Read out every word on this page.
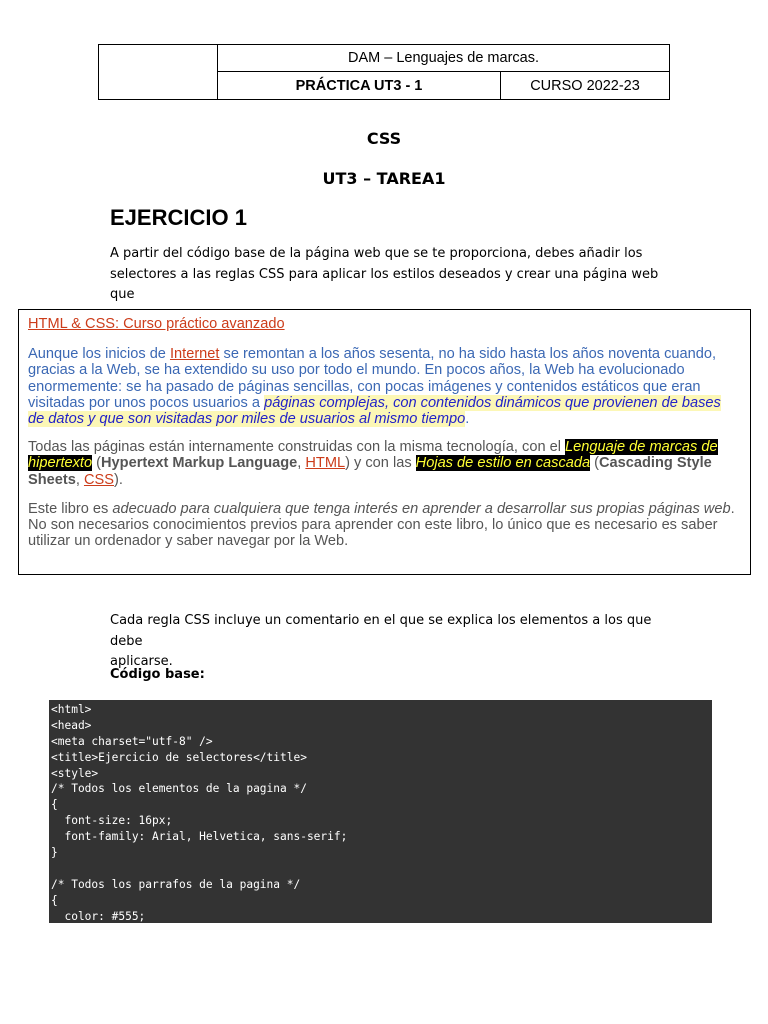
	DAM – Lenguajes de marcas.	
	PRÁCTICA UT3 - 1	CURSO 2022-23
CSS
UT3 – TAREA1
EJERCICIO 1
A partir del código base de la página web que se te proporciona, debes añadir los
selectores a las reglas CSS para aplicar los estilos deseados y crear una página web que
HTML & CSS: Curso práctico avanzado
Aunque los inicios de Internet se remontan a los años sesenta, no ha sido hasta los años noventa cuando, gracias a la Web, se ha extendido su uso por todo el mundo. En pocos años, la Web ha evolucionado enormemente: se ha pasado de páginas sencillas, con pocas imágenes y contenidos estáticos que eran visitadas por unos pocos usuarios a páginas complejas, con contenidos dinámicos que provienen de bases de datos y que son visitadas por miles de usuarios al mismo tiempo.
Todas las páginas están internamente construidas con la misma tecnología, con el Lenguaje de marcas de hipertexto (Hypertext Markup Language, HTML) y con las Hojas de estilo en cascada (Cascading Style Sheets, CSS).
Este libro es adecuado para cualquiera que tenga interés en aprender a desarrollar sus propias páginas web. No son necesarios conocimientos previos para aprender con este libro, lo único que es necesario es saber utilizar un ordenador y saber navegar por la Web.
Cada regla CSS incluye un comentario en el que se explica los elementos a los que debe
aplicarse.
Código base:
<html>
<head>
<meta charset="utf-8" />
<title>Ejercicio de selectores</title>
<style>
/* Todos los elementos de la pagina */
{
font-size: 16px;
font-family: Arial, Helvetica, sans-serif;
}
/* Todos los parrafos de la pagina */
{
color: #555;
